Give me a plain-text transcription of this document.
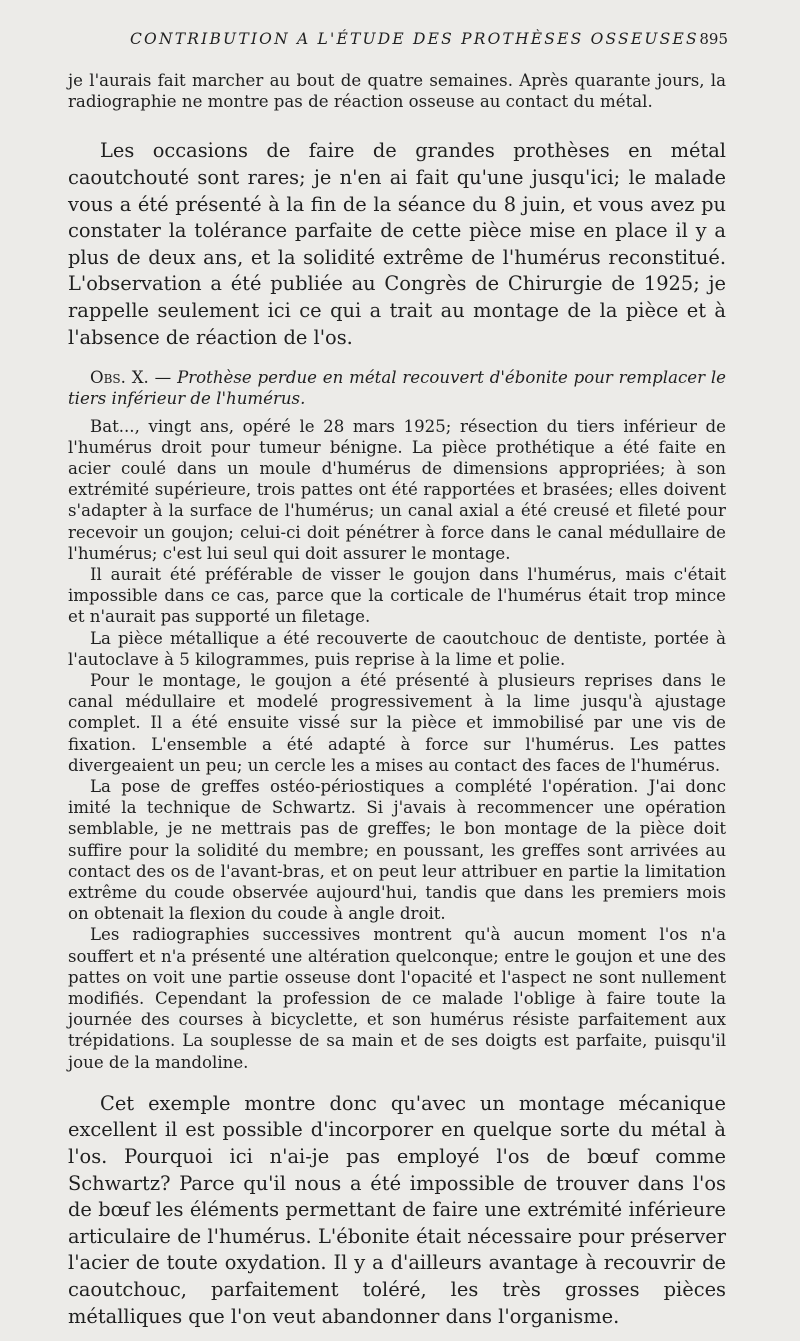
CONTRIBUTION A L'ÉTUDE DES PROTHÈSES OSSEUSES 895

je l'aurais fait marcher au bout de quatre semaines. Après quarante jours, la radiographie ne montre pas de réaction osseuse au contact du métal.

Les occasions de faire de grandes prothèses en métal caoutchouté sont rares; je n'en ai fait qu'une jusqu'ici; le malade vous a été présenté à la fin de la séance du 8 juin, et vous avez pu constater la tolérance parfaite de cette pièce mise en place il y a plus de deux ans, et la solidité extrême de l'humérus reconstitué. L'observation a été publiée au Congrès de Chirurgie de 1925; je rappelle seulement ici ce qui a trait au montage de la pièce et à l'absence de réaction de l'os.

Obs. X. — Prothèse perdue en métal recouvert d'ébonite pour remplacer le tiers inférieur de l'humérus.

Bat..., vingt ans, opéré le 28 mars 1925; résection du tiers inférieur de l'humérus droit pour tumeur bénigne. La pièce prothétique a été faite en acier coulé dans un moule d'humérus de dimensions appropriées; à son extrémité supérieure, trois pattes ont été rapportées et brasées; elles doivent s'adapter à la surface de l'humérus; un canal axial a été creusé et fileté pour recevoir un goujon; celui-ci doit pénétrer à force dans le canal médullaire de l'humérus; c'est lui seul qui doit assurer le montage.

Il aurait été préférable de visser le goujon dans l'humérus, mais c'était impossible dans ce cas, parce que la corticale de l'humérus était trop mince et n'aurait pas supporté un filetage.

La pièce métallique a été recouverte de caoutchouc de dentiste, portée à l'autoclave à 5 kilogrammes, puis reprise à la lime et polie.

Pour le montage, le goujon a été présenté à plusieurs reprises dans le canal médullaire et modelé progressivement à la lime jusqu'à ajustage complet. Il a été ensuite vissé sur la pièce et immobilisé par une vis de fixation. L'ensemble a été adapté à force sur l'humérus. Les pattes divergeaient un peu; un cercle les a mises au contact des faces de l'humérus.

La pose de greffes ostéo-périostiques a complété l'opération. J'ai donc imité la technique de Schwartz. Si j'avais à recommencer une opération semblable, je ne mettrais pas de greffes; le bon montage de la pièce doit suffire pour la solidité du membre; en poussant, les greffes sont arrivées au contact des os de l'avant-bras, et on peut leur attribuer en partie la limitation extrême du coude observée aujourd'hui, tandis que dans les premiers mois on obtenait la flexion du coude à angle droit.

Les radiographies successives montrent qu'à aucun moment l'os n'a souffert et n'a présenté une altération quelconque; entre le goujon et une des pattes on voit une partie osseuse dont l'opacité et l'aspect ne sont nullement modifiés. Cependant la profession de ce malade l'oblige à faire toute la journée des courses à bicyclette, et son humérus résiste parfaitement aux trépidations. La souplesse de sa main et de ses doigts est parfaite, puisqu'il joue de la mandoline.

Cet exemple montre donc qu'avec un montage mécanique excellent il est possible d'incorporer en quelque sorte du métal à l'os. Pourquoi ici n'ai-je pas employé l'os de bœuf comme Schwartz? Parce qu'il nous a été impossible de trouver dans l'os de bœuf les éléments permettant de faire une extrémité inférieure articulaire de l'humérus. L'ébonite était nécessaire pour préserver l'acier de toute oxydation. Il y a d'ailleurs avantage à recouvrir de caoutchouc, parfaitement toléré, les très grosses pièces métalliques que l'on veut abandonner dans l'organisme.
